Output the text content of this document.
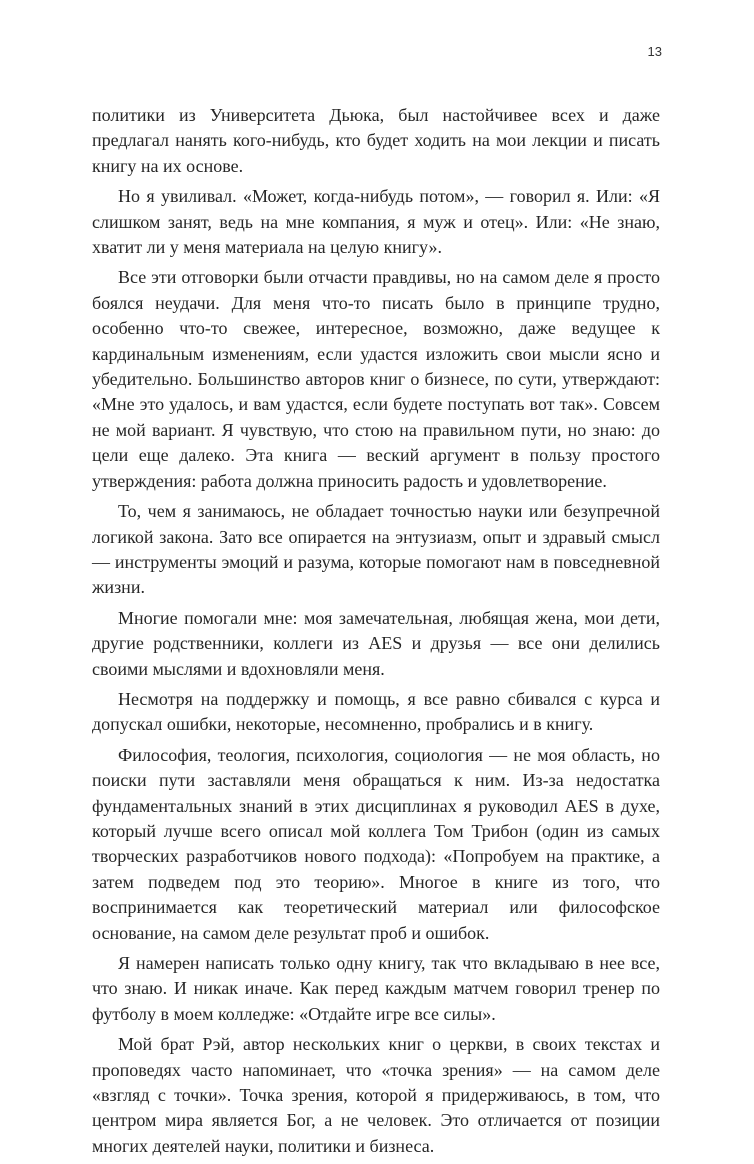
13

политики из Университета Дьюка, был настойчивее всех и даже предлагал нанять кого-нибудь, кто будет ходить на мои лекции и писать книгу на их основе.

Но я увиливал. «Может, когда-нибудь потом», — говорил я. Или: «Я слишком занят, ведь на мне компания, я муж и отец». Или: «Не знаю, хватит ли у меня материала на целую книгу».

Все эти отговорки были отчасти правдивы, но на самом деле я просто боялся неудачи. Для меня что-то писать было в принципе трудно, особенно что-то свежее, интересное, возможно, даже ведущее к кардинальным изменениям, если удастся изложить свои мысли ясно и убедительно. Большинство авторов книг о бизнесе, по сути, утверждают: «Мне это удалось, и вам удастся, если будете поступать вот так». Совсем не мой вариант. Я чувствую, что стою на правильном пути, но знаю: до цели еще далеко. Эта книга — веский аргумент в пользу простого утверждения: работа должна приносить радость и удовлетворение.

То, чем я занимаюсь, не обладает точностью науки или безупречной логикой закона. Зато все опирается на энтузиазм, опыт и здравый смысл — инструменты эмоций и разума, которые помогают нам в повседневной жизни.

Многие помогали мне: моя замечательная, любящая жена, мои дети, другие родственники, коллеги из AES и друзья — все они делились своими мыслями и вдохновляли меня.

Несмотря на поддержку и помощь, я все равно сбивался с курса и допускал ошибки, некоторые, несомненно, пробрались и в книгу.

Философия, теология, психология, социология — не моя область, но поиски пути заставляли меня обращаться к ним. Из-за недостатка фундаментальных знаний в этих дисциплинах я руководил AES в духе, который лучше всего описал мой коллега Том Трибон (один из самых творческих разработчиков нового подхода): «Попробуем на практике, а затем подведем под это теорию». Многое в книге из того, что воспринимается как теоретический материал или философское основание, на самом деле результат проб и ошибок.

Я намерен написать только одну книгу, так что вкладываю в нее все, что знаю. И никак иначе. Как перед каждым матчем говорил тренер по футболу в моем колледже: «Отдайте игре все силы».

Мой брат Рэй, автор нескольких книг о церкви, в своих текстах и проповедях часто напоминает, что «точка зрения» — на самом деле «взгляд с точки». Точка зрения, которой я придерживаюсь, в том, что центром мира является Бог, а не человек. Это отличается от позиции многих деятелей науки, политики и бизнеса.
